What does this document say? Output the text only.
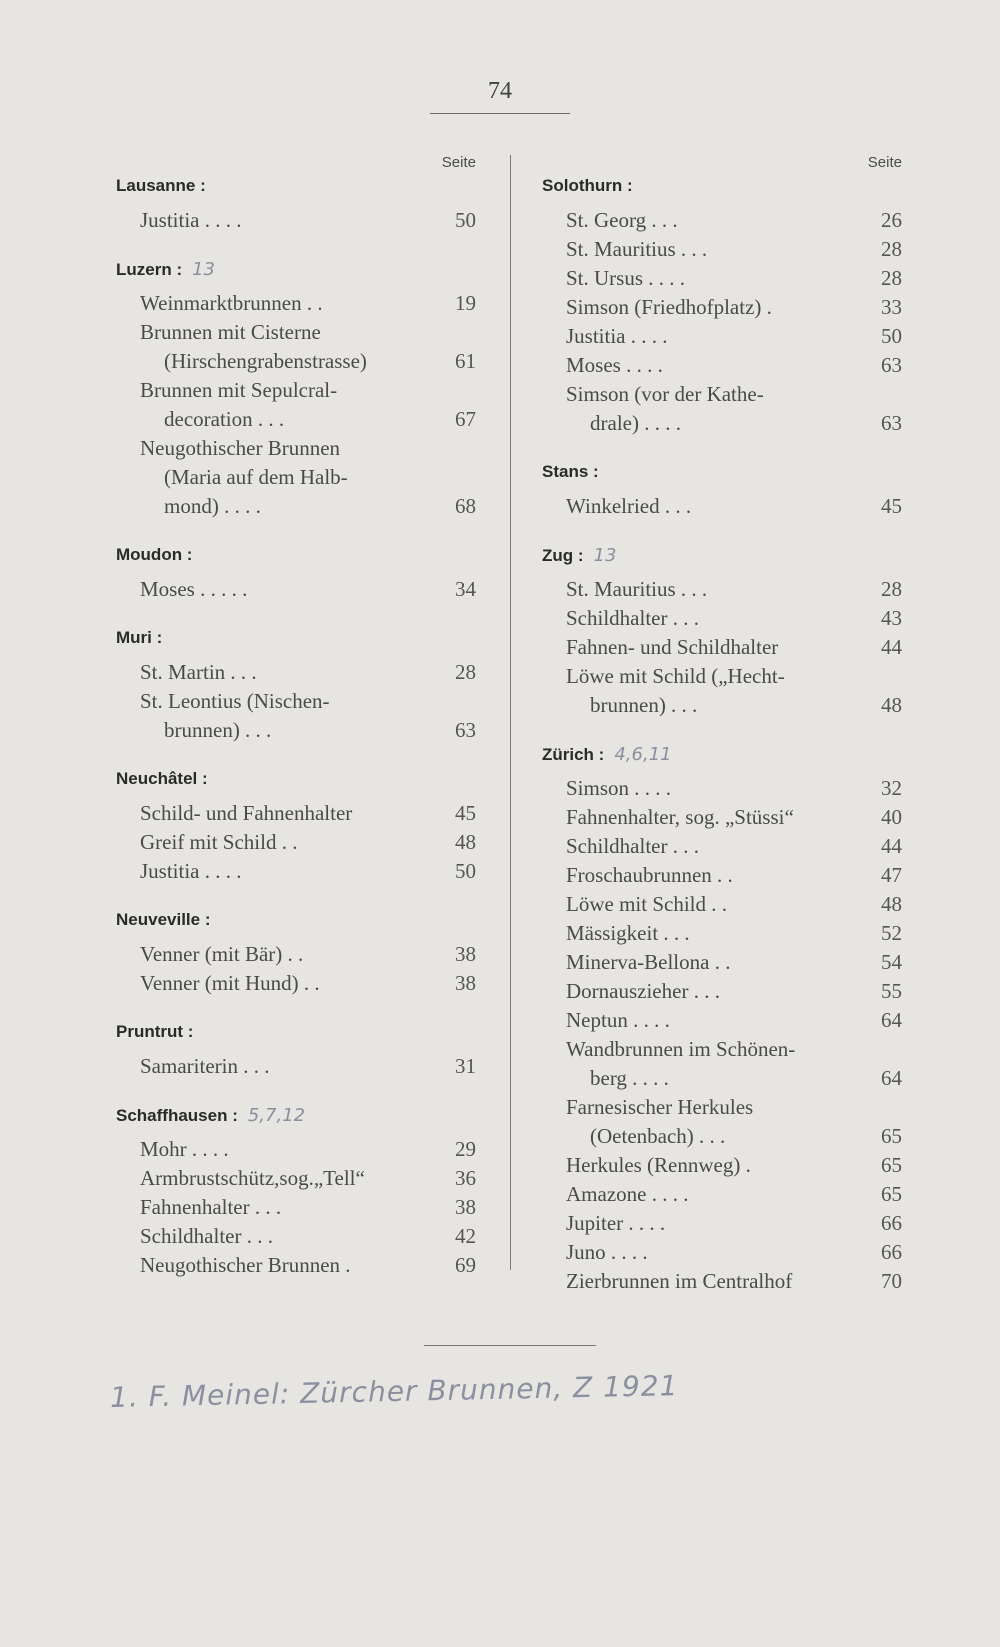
74
Seite
Lausanne :
Justitia . . . .	50
Luzern : 13
Weinmarktbrunnen . .	19
Brunnen mit Cisterne
(Hirschengrabenstrasse)	61
Brunnen mit Sepulcral-
decoration . . .	67
Neugothischer Brunnen
(Maria auf dem Halb-
mond) . . . .	68
Moudon :
Moses . . . . .	34
Muri :
St. Martin . . .	28
St. Leontius (Nischen-
brunnen) . . .	63
Neuchâtel :
Schild- und Fahnenhalter	45
Greif mit Schild . .	48
Justitia . . . .	50
Neuveville :
Venner (mit Bär) . .	38
Venner (mit Hund) . .	38
Pruntrut :
Samariterin . . .	31
Schaffhausen : 5,7,12
Mohr . . . .	29
Armbrustschütz,sog.„Tell“	36
Fahnenhalter . . .	38
Schildhalter . . .	42
Neugothischer Brunnen .	69
Seite
Solothurn :
St. Georg . . .	26
St. Mauritius . . .	28
St. Ursus . . . .	28
Simson (Friedhofplatz) .	33
Justitia . . . .	50
Moses . . . .	63
Simson (vor der Kathe-
drale) . . . .	63
Stans :
Winkelried . . .	45
Zug : 13
St. Mauritius . . .	28
Schildhalter . . .	43
Fahnen- und Schildhalter	44
Löwe mit Schild („Hecht-
brunnen) . . .	48
Zürich : 4,6,11
Simson . . . .	32
Fahnenhalter, sog. „Stüssi“	40
Schildhalter . . .	44
Froschaubrunnen . .	47
Löwe mit Schild . .	48
Mässigkeit . . .	52
Minerva-Bellona . .	54
Dornauszieher . . .	55
Neptun . . . .	64
Wandbrunnen im Schönen-
berg . . . .	64
Farnesischer Herkules
(Oetenbach) . . .	65
Herkules (Rennweg) .	65
Amazone . . . .	65
Jupiter . . . .	66
Juno . . . .	66
Zierbrunnen im Centralhof	70
1. F. Meinel: Zürcher Brunnen, Z 1921
